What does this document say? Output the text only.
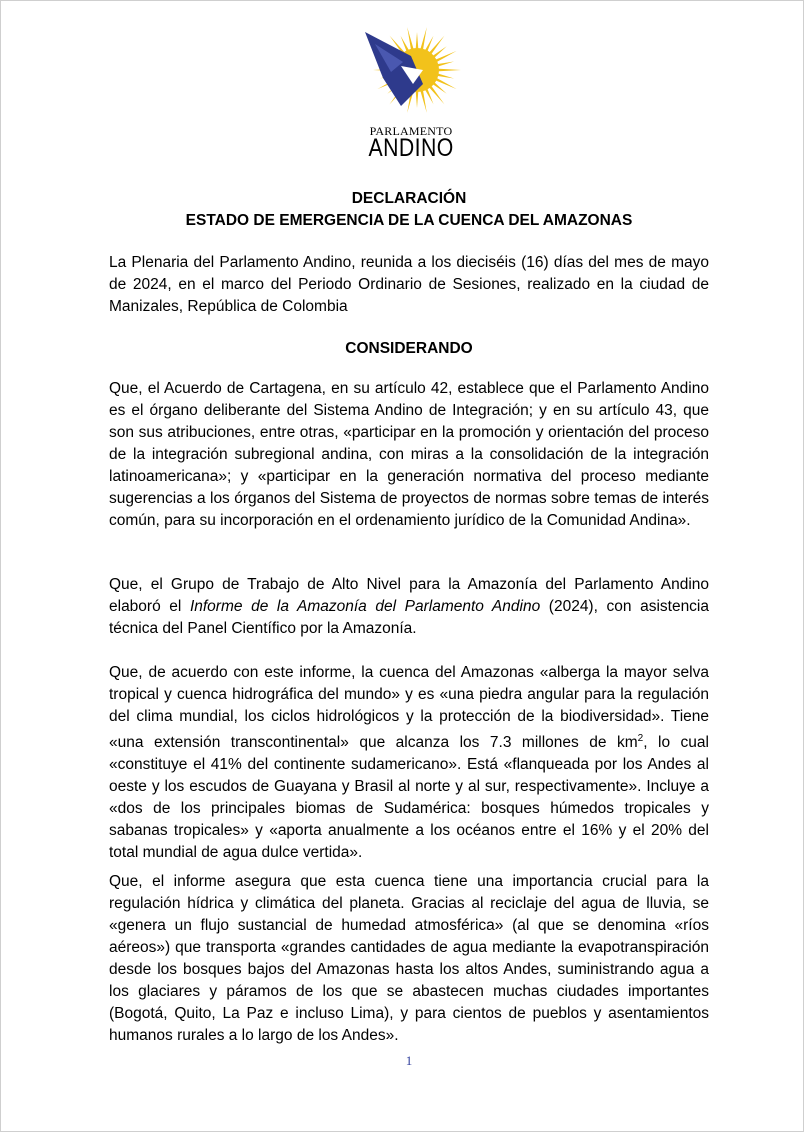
PARLAMENTO
ANDINO
DECLARACIÓN
ESTADO DE EMERGENCIA DE LA CUENCA DEL AMAZONAS
La Plenaria del Parlamento Andino, reunida a los dieciséis (16) días del mes de mayo de 2024, en el marco del Periodo Ordinario de Sesiones, realizado en la ciudad de Manizales, República de Colombia
CONSIDERANDO
Que, el Acuerdo de Cartagena, en su artículo 42, establece que el Parlamento Andino es el órgano deliberante del Sistema Andino de Integración; y en su artículo 43, que son sus atribuciones, entre otras, «participar en la promoción y orientación del proceso de la integración subregional andina, con miras a la consolidación de la integración latinoamericana»; y «participar en la generación normativa del proceso mediante sugerencias a los órganos del Sistema de proyectos de normas sobre temas de interés común, para su incorporación en el ordenamiento jurídico de la Comunidad Andina».
Que, el Grupo de Trabajo de Alto Nivel para la Amazonía del Parlamento Andino elaboró el Informe de la Amazonía del Parlamento Andino (2024), con asistencia técnica del Panel Científico por la Amazonía.
Que, de acuerdo con este informe, la cuenca del Amazonas «alberga la mayor selva tropical y cuenca hidrográfica del mundo» y es «una piedra angular para la regulación del clima mundial, los ciclos hidrológicos y la protección de la biodiversidad». Tiene «una extensión transcontinental» que alcanza los 7.3 millones de $km^2$, lo cual «constituye el 41% del continente sudamericano». Está «flanqueada por los Andes al oeste y los escudos de Guayana y Brasil al norte y al sur, respectivamente». Incluye a «dos de los principales biomas de Sudamérica: bosques húmedos tropicales y sabanas tropicales» y «aporta anualmente a los océanos entre el 16% y el 20% del total mundial de agua dulce vertida».
Que, el informe asegura que esta cuenca tiene una importancia crucial para la regulación hídrica y climática del planeta. Gracias al reciclaje del agua de lluvia, se «genera un flujo sustancial de humedad atmosférica» (al que se denomina «ríos aéreos») que transporta «grandes cantidades de agua mediante la evapotranspiración desde los bosques bajos del Amazonas hasta los altos Andes, suministrando agua a los glaciares y páramos de los que se abastecen muchas ciudades importantes (Bogotá, Quito, La Paz e incluso Lima), y para cientos de pueblos y asentamientos humanos rurales a lo largo de los Andes».
1
